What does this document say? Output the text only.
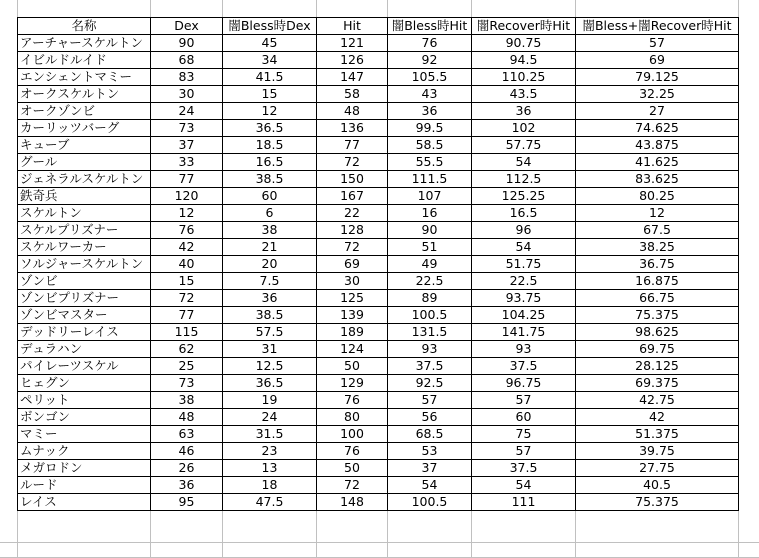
名称	Dex	闇Bless時Dex	Hit	闇Bless時Hit	闇Recover時Hit	闇Bless+闇Recover時Hit
アーチャースケルトン	90	45	121	76	90.75	57
イビルドルイド	68	34	126	92	94.5	69
エンシェントマミー	83	41.5	147	105.5	110.25	79.125
オークスケルトン	30	15	58	43	43.5	32.25
オークゾンビ	24	12	48	36	36	27
カーリッツバーグ	73	36.5	136	99.5	102	74.625
キューブ	37	18.5	77	58.5	57.75	43.875
グール	33	16.5	72	55.5	54	41.625
ジェネラルスケルトン	77	38.5	150	111.5	112.5	83.625
鉄奇兵	120	60	167	107	125.25	80.25
スケルトン	12	6	22	16	16.5	12
スケルプリズナー	76	38	128	90	96	67.5
スケルワーカー	42	21	72	51	54	38.25
ソルジャースケルトン	40	20	69	49	51.75	36.75
ゾンビ	15	7.5	30	22.5	22.5	16.875
ゾンビプリズナー	72	36	125	89	93.75	66.75
ゾンビマスター	77	38.5	139	100.5	104.25	75.375
デッドリーレイス	115	57.5	189	131.5	141.75	98.625
デュラハン	62	31	124	93	93	69.75
パイレーツスケル	25	12.5	50	37.5	37.5	28.125
ヒェグン	73	36.5	129	92.5	96.75	69.375
ペリット	38	19	76	57	57	42.75
ボンゴン	48	24	80	56	60	42
マミー	63	31.5	100	68.5	75	51.375
ムナック	46	23	76	53	57	39.75
メガロドン	26	13	50	37	37.5	27.75
ルード	36	18	72	54	54	40.5
レイス	95	47.5	148	100.5	111	75.375
